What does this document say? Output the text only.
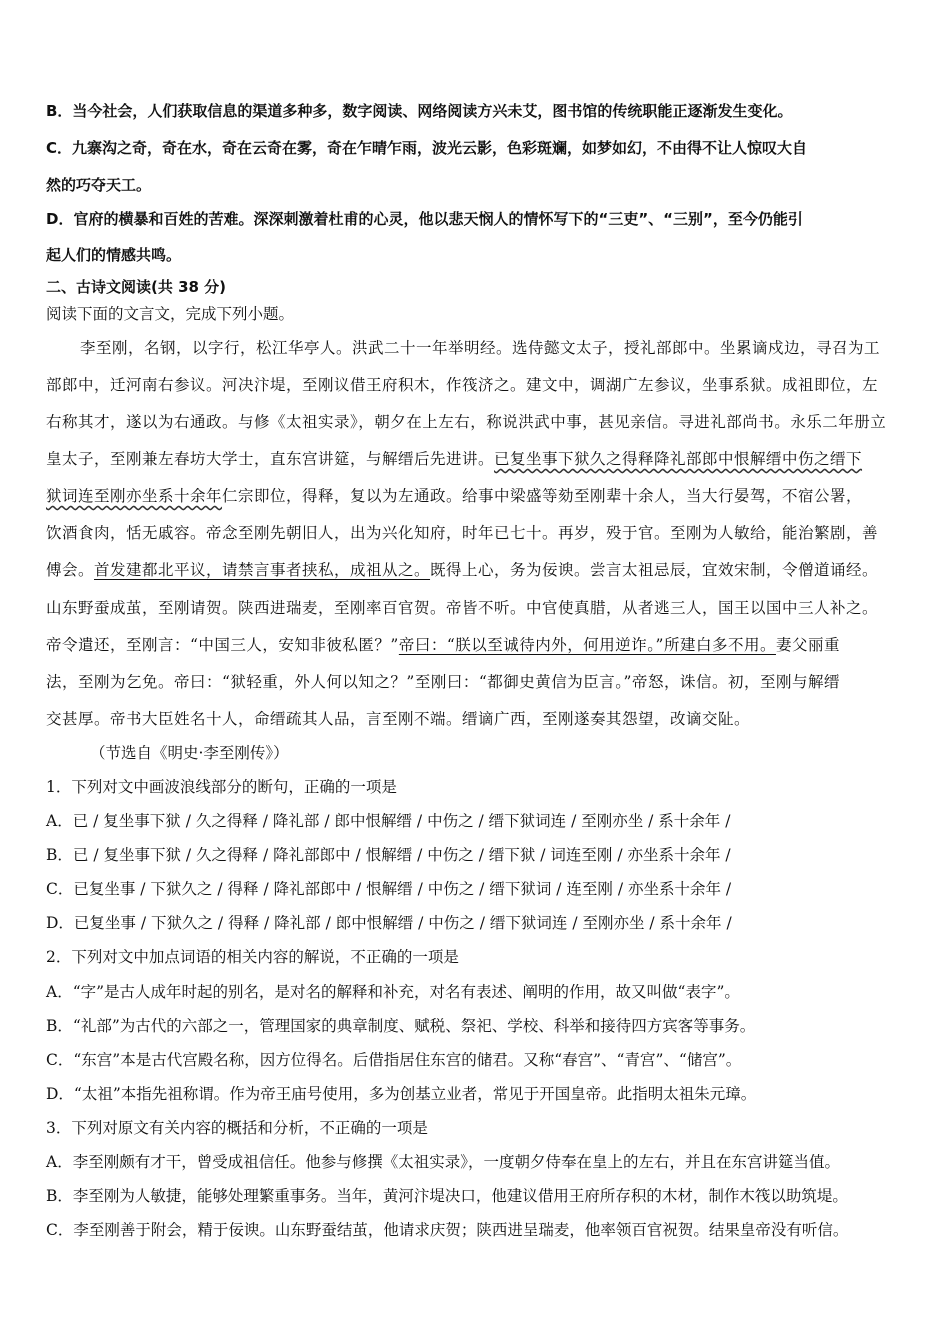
B．当今社会，人们获取信息的渠道多种多，数字阅读、网络阅读方兴未艾，图书馆的传统职能正逐渐发生变化。
C．九寨沟之奇，奇在水，奇在云奇在雾，奇在乍晴乍雨，波光云影，色彩斑斓，如梦如幻，不由得不让人惊叹大自
然的巧夺天工。
D．官府的横暴和百姓的苦难。深深刺激着杜甫的心灵，他以悲天悯人的情怀写下的“三吏”、“三别”，至今仍能引
起人们的情感共鸣。
二、古诗文阅读(共 38 分)
阅读下面的文言文，完成下列小题。
李至刚，名钢，以字行，松江华亭人。洪武二十一年举明经。选侍懿文太子，授礼部郎中。坐累谪戍边，寻召为工
部郎中，迁河南右参议。河决汴堤，至刚议借王府积木，作筏济之。建文中，调湖广左参议，坐事系狱。成祖即位，左
右称其才，遂以为右通政。与修《太祖实录》，朝夕在上左右，称说洪武中事，甚见亲信。寻进礼部尚书。永乐二年册立
皇太子，至刚兼左春坊大学士，直东宫讲筵，与解缙后先进讲。已复坐事下狱久之得释降礼部郎中恨解缙中伤之缙下
狱词连至刚亦坐系十余年仁宗即位，得释，复以为左通政。给事中梁盛等劾至刚辈十余人，当大行晏驾，不宿公署，
饮酒食肉，恬无戚容。帝念至刚先朝旧人，出为兴化知府，时年已七十。再岁，殁于官。至刚为人敏给，能治繁剧，善
傅会。首发建都北平议，请禁言事者挟私，成祖从之。既得上心，务为佞谀。尝言太祖忌辰，宜效宋制，令僧道诵经。
山东野蚕成茧，至刚请贺。陕西进瑞麦，至刚率百官贺。帝皆不听。中官使真腊，从者逃三人，国王以国中三人补之。
帝令遣还，至刚言：“中国三人，安知非彼私匿？”帝曰：“朕以至诚待内外，何用逆诈。”所建白多不用。妻父丽重
法，至刚为乞免。帝曰：“狱轻重，外人何以知之？”至刚曰：“都御史黄信为臣言。”帝怒，诛信。初，至刚与解缙
交甚厚。帝书大臣姓名十人，命缙疏其人品，言至刚不端。缙谪广西，至刚遂奏其怨望，改谪交阯。
（节选自《明史·李至刚传》）
1．下列对文中画波浪线部分的断句，正确的一项是
A．已 / 复坐事下狱 / 久之得释 / 降礼部 / 郎中恨解缙 / 中伤之 / 缙下狱词连 / 至刚亦坐 / 系十余年 /
B．已 / 复坐事下狱 / 久之得释 / 降礼部郎中 / 恨解缙 / 中伤之 / 缙下狱 / 词连至刚 / 亦坐系十余年 /
C．已复坐事 / 下狱久之 / 得释 / 降礼部郎中 / 恨解缙 / 中伤之 / 缙下狱词 / 连至刚 / 亦坐系十余年 /
D．已复坐事 / 下狱久之 / 得释 / 降礼部 / 郎中恨解缙 / 中伤之 / 缙下狱词连 / 至刚亦坐 / 系十余年 /
2．下列对文中加点词语的相关内容的解说，不正确的一项是
A．“字”是古人成年时起的别名，是对名的解释和补充，对名有表述、阐明的作用，故又叫做“表字”。
B．“礼部”为古代的六部之一，管理国家的典章制度、赋税、祭祀、学校、科举和接待四方宾客等事务。
C．“东宫”本是古代宫殿名称，因方位得名。后借指居住东宫的储君。又称“春宫”、“青宫”、“储宫”。
D．“太祖”本指先祖称谓。作为帝王庙号使用，多为创基立业者，常见于开国皇帝。此指明太祖朱元璋。
3．下列对原文有关内容的概括和分析，不正确的一项是
A．李至刚颇有才干，曾受成祖信任。他参与修撰《太祖实录》，一度朝夕侍奉在皇上的左右，并且在东宫讲筵当值。
B．李至刚为人敏捷，能够处理繁重事务。当年，黄河汴堤决口，他建议借用王府所存积的木材，制作木筏以助筑堤。
C．李至刚善于附会，精于佞谀。山东野蚕结茧，他请求庆贺；陕西进呈瑞麦，他率领百官祝贺。结果皇帝没有听信。
